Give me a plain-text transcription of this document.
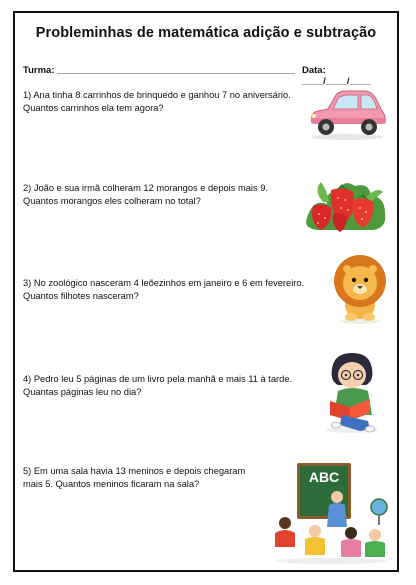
Probleminhas de matemática adição e subtração
Turma: _____________________________________________ Data: ____/____/____
1) Ana tinha 8 carrinhos de brinquedo e ganhou 7 no aniversário.
Quantos carrinhos ela tem agora?
2) João e sua irmã colheram 12 morangos e depois mais 9.
Quantos morangos eles colheram no total?
3) No zoológico nasceram 4 leõezinhos em janeiro e 6 em fevereiro.
Quantos filhotes nasceram?
4) Pedro leu 5 páginas de um livro pela manhã e mais 11 à tarde.
Quantas páginas leu no dia?
5) Em uma sala havia 13 meninos e depois chegaram
mais 5. Quantos meninos ficaram na sala?	ABC
